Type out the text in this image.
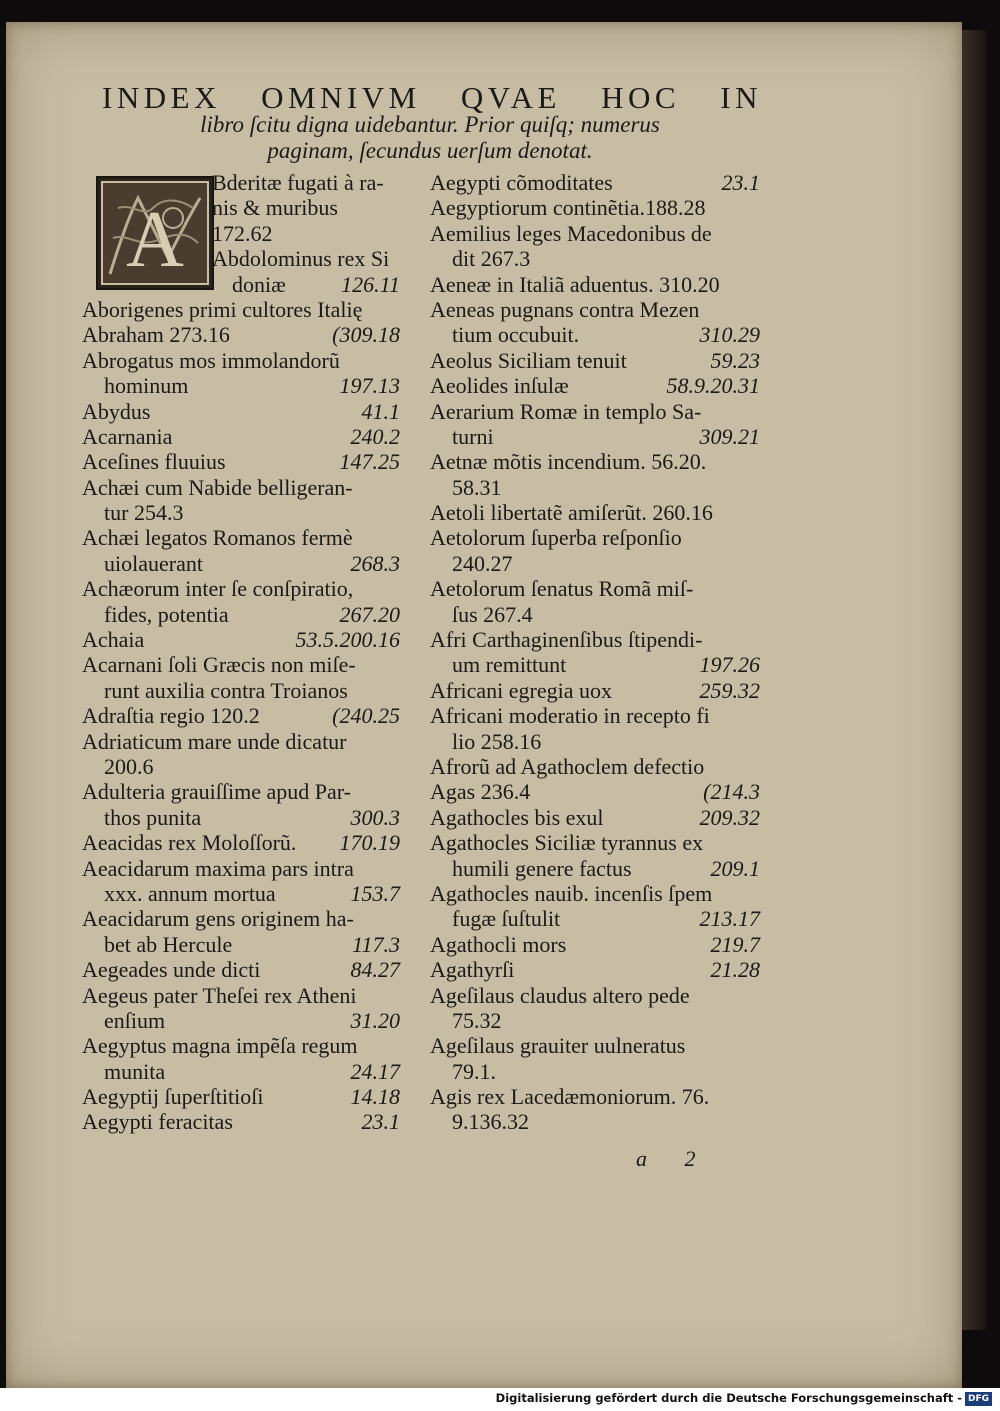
INDEX OMNIVM QVAE HOC IN
libro ſcitu digna uidebantur. Prior quiſq; numerus
paginam, ſecundus uerſum denotat.
A
Bderitæ fugati à ra-
nis & muribus
172.62
Abdolominus rex Si
doniæ	126.11
Aborigenes primi cultores Italię
Abraham 273.16	(309.18
Abrogatus mos immolandorũ
hominum	197.13
Abydus	41.1
Acarnania	240.2
Aceſines fluuius	147.25
Achæi cum Nabide belligeran-
tur 254.3
Achæi legatos Romanos fermè
uiolauerant	268.3
Achæorum inter ſe conſpiratio,
fides, potentia	267.20
Achaia	53.5.200.16
Acarnani ſoli Græcis non miſe-
runt auxilia contra Troianos
Adraſtia regio 120.2	(240.25
Adriaticum mare unde dicatur
200.6
Adulteria grauiſſime apud Par-
thos punita	300.3
Aeacidas rex Moloſſorũ. 170.19
Aeacidarum maxima pars intra
xxx. annum mortua	153.7
Aeacidarum gens originem ha-
bet ab Hercule	117.3
Aegeades unde dicti	84.27
Aegeus pater Theſei rex Atheni
enſium	31.20
Aegyptus magna impẽſa regum
munita	24.17
Aegyptij ſuperſtitioſi	14.18
Aegypti feracitas	23.1
Aegypti cõmoditates	23.1
Aegyptiorum continẽtia.188.28
Aemilius leges Macedonibus de
dit 267.3
Aeneæ in Italiã aduentus. 310.20
Aeneas pugnans contra Mezen
tium occubuit.	310.29
Aeolus Siciliam tenuit	59.23
Aeolides inſulæ	58.9.20.31
Aerarium Romæ in templo Sa-
turni	309.21
Aetnæ mõtis incendium. 56.20.
58.31
Aetoli libertatẽ amiſerũt. 260.16
Aetolorum ſuperba reſponſio
240.27
Aetolorum ſenatus Romã miſ-
ſus 267.4
Afri Carthaginenſibus ſtipendi-
um remittunt	197.26
Africani egregia uox	259.32
Africani moderatio in recepto fi
lio 258.16
Afrorũ ad Agathoclem defectio
Agas 236.4	(214.3
Agathocles bis exul	209.32
Agathocles Siciliæ tyrannus ex
humili genere factus	209.1
Agathocles nauib. incenſis ſpem
fugæ ſuſtulit	213.17
Agathocli mors	219.7
Agathyrſi	21.28
Ageſilaus claudus altero pede
75.32
Ageſilaus grauiter uulneratus
79.1.
Agis rex Lacedæmoniorum. 76.
9.136.32
a 2
Digitalisierung gefördert durch die Deutsche Forschungsgemeinschaft - DFG
